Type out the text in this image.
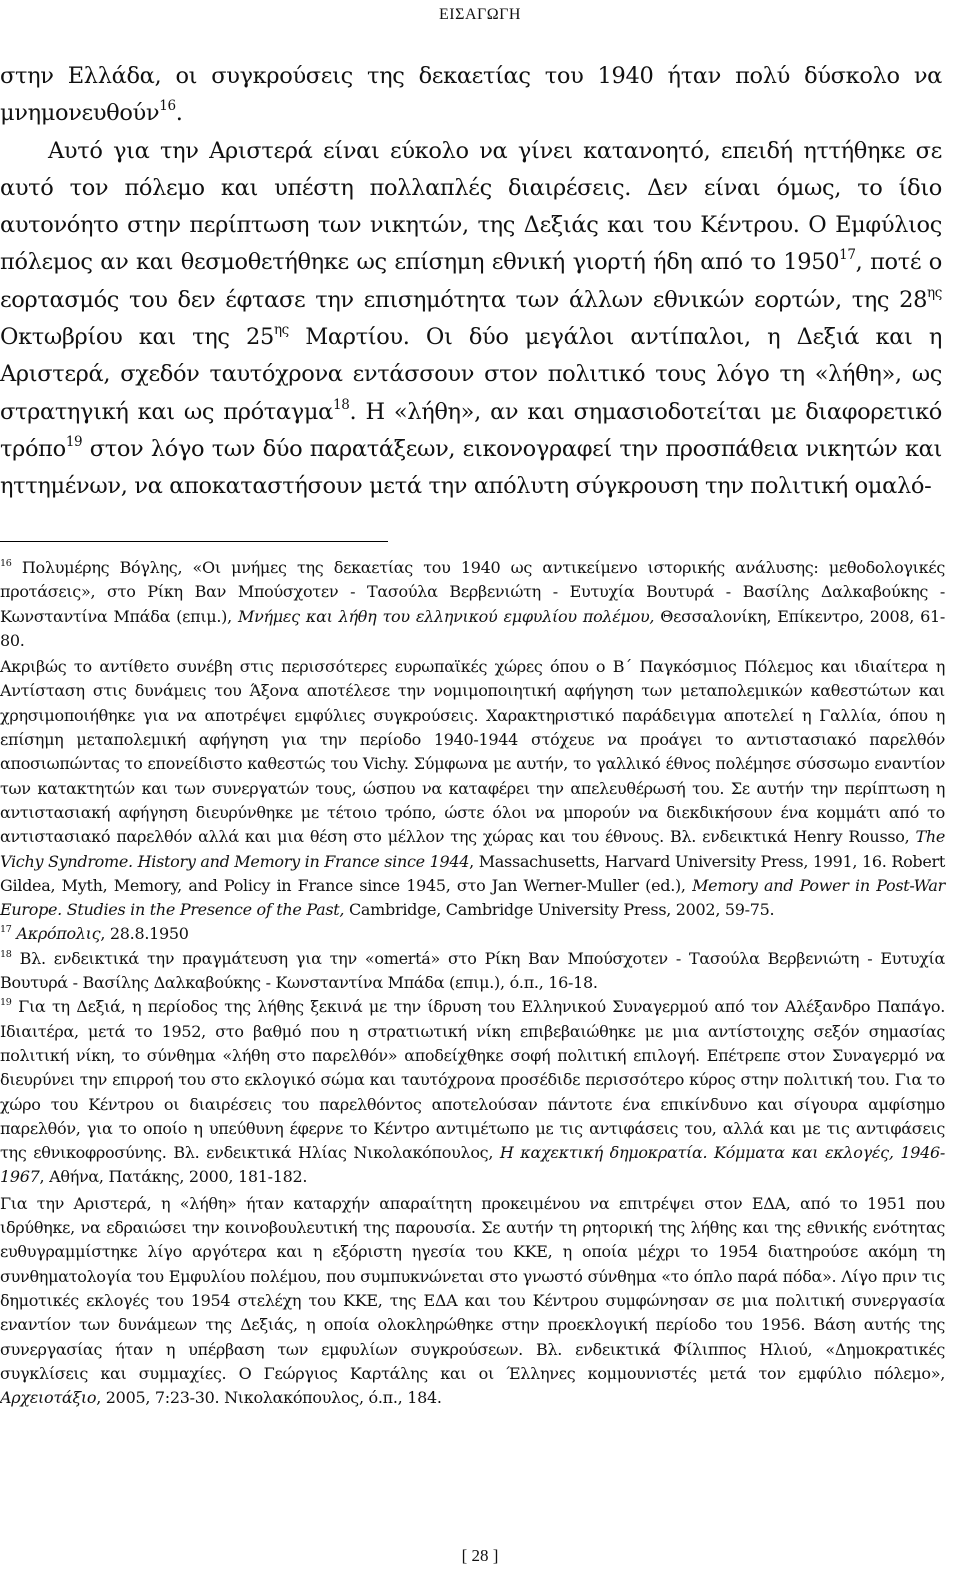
ΕΙΣΑΓΩΓΗ

στην Ελλάδα, οι συγκρούσεις της δεκαετίας του 1940 ήταν πολύ δύσκολο να μνημονευθούν$^{16}$.

Αυτό για την Αριστερά είναι εύκολο να γίνει κατανοητό, επειδή ηττήθηκε σε αυτό τον πόλεμο και υπέστη πολλαπλές διαιρέσεις. Δεν είναι όμως, το ίδιο αυτονόητο στην περίπτωση των νικητών, της Δεξιάς και του Κέντρου. Ο Εμφύλιος πόλεμος αν και θεσμοθετήθηκε ως επίσημη εθνική γιορτή ήδη από το 1950$^{17}$, ποτέ ο εορτασμός του δεν έφτασε την επισημότητα των άλλων εθνικών εορτών, της $28^{\eta\varsigma}$ Οκτωβρίου και της $25^{\eta\varsigma}$ Μαρτίου. Οι δύο μεγάλοι αντίπαλοι, η Δεξιά και η Αριστερά, σχεδόν ταυτόχρονα εντάσσουν στον πολιτικό τους λόγο τη «λήθη», ως στρατηγική και ως πρόταγμα$^{18}$. Η «λήθη», αν και σημασιοδοτείται με διαφορετικό τρόπο$^{19}$ στον λόγο των δύο παρατάξεων, εικονογραφεί την προσπάθεια νικητών και ηττημένων, να αποκαταστήσουν μετά την απόλυτη σύγκρουση την πολιτική ομαλό-

$^{16}$ Πολυμέρης Βόγλης, «Οι μνήμες της δεκαετίας του 1940 ως αντικείμενο ιστορικής ανάλυσης: μεθοδολογικές προτάσεις», στο Ρίκη Βαν Μπούσχοτεν - Τασούλα Βερβενιώτη - Ευτυχία Βουτυρά - Βασίλης Δαλκαβούκης - Κωνσταντίνα Μπάδα (επιμ.), Μνήμες και λήθη του ελληνικού εμφυλίου πολέμου, Θεσσαλονίκη, Επίκεντρο, 2008, 61-80.

Ακριβώς το αντίθετο συνέβη στις περισσότερες ευρωπαϊκές χώρες όπου ο Β΄ Παγκόσμιος Πόλεμος και ιδιαίτερα η Αντίσταση στις δυνάμεις του Άξονα αποτέλεσε την νομιμοποιητική αφήγηση των μεταπολεμικών καθεστώτων και χρησιμοποιήθηκε για να αποτρέψει εμφύλιες συγκρούσεις. Χαρακτηριστικό παράδειγμα αποτελεί η Γαλλία, όπου η επίσημη μεταπολεμική αφήγηση για την περίοδο 1940-1944 στόχευε να προάγει το αντιστασιακό παρελθόν αποσιωπώντας το επονείδιστο καθεστώς του Vichy. Σύμφωνα με αυτήν, το γαλλικό έθνος πολέμησε σύσσωμο εναντίον των κατακτητών και των συνεργατών τους, ώσπου να καταφέρει την απελευθέρωσή του. Σε αυτήν την περίπτωση η αντιστασιακή αφήγηση διευρύνθηκε με τέτοιο τρόπο, ώστε όλοι να μπορούν να διεκδικήσουν ένα κομμάτι από το αντιστασιακό παρελθόν αλλά και μια θέση στο μέλλον της χώρας και του έθνους. Βλ. ενδεικτικά Henry Rousso, The Vichy Syndrome. History and Memory in France since 1944, Massachusetts, Harvard University Press, 1991, 16. Robert Gildea, Myth, Memory, and Policy in France since 1945, στο Jan Werner-Muller (ed.), Memory and Power in Post-War Europe. Studies in the Presence of the Past, Cambridge, Cambridge University Press, 2002, 59-75.

$^{17}$ Ακρόπολις, 28.8.1950

$^{18}$ Βλ. ενδεικτικά την πραγμάτευση για την «omertá» στο Ρίκη Βαν Μπούσχοτεν - Τασούλα Βερβενιώτη - Ευτυχία Βουτυρά - Βασίλης Δαλκαβούκης - Κωνσταντίνα Μπάδα (επιμ.), ό.π., 16-18.

$^{19}$ Για τη Δεξιά, η περίοδος της λήθης ξεκινά με την ίδρυση του Ελληνικού Συναγερμού από τον Αλέξανδρο Παπάγο. Ιδιαιτέρα, μετά το 1952, στο βαθμό που η στρατιωτική νίκη επιβεβαιώθηκε με μια αντίστοιχης σεξόν σημασίας πολιτική νίκη, το σύνθημα «λήθη στο παρελθόν» αποδείχθηκε σοφή πολιτική επιλογή. Επέτρεπε στον Συναγερμό να διευρύνει την επιρροή του στο εκλογικό σώμα και ταυτόχρονα προσέδιδε περισσότερο κύρος στην πολιτική του. Για το χώρο του Κέντρου οι διαιρέσεις του παρελθόντος αποτελούσαν πάντοτε ένα επικίνδυνο και σίγουρα αμφίσημο παρελθόν, για το οποίο η υπεύθυνη έφερνε το Κέντρο αντιμέτωπο με τις αντιφάσεις του, αλλά και με τις αντιφάσεις της εθνικοφροσύνης. Βλ. ενδεικτικά Ηλίας Νικολακόπουλος, Η καχεκτική δημοκρατία. Κόμματα και εκλογές, 1946-1967, Αθήνα, Πατάκης, 2000, 181-182.

Για την Αριστερά, η «λήθη» ήταν καταρχήν απαραίτητη προκειμένου να επιτρέψει στον ΕΔΑ, από το 1951 που ιδρύθηκε, να εδραιώσει την κοινοβουλευτική της παρουσία. Σε αυτήν τη ρητορική της λήθης και της εθνικής ενότητας ευθυγραμμίστηκε λίγο αργότερα και η εξόριστη ηγεσία του ΚΚΕ, η οποία μέχρι το 1954 διατηρούσε ακόμη τη συνθηματολογία του Εμφυλίου πολέμου, που συμπυκνώνεται στο γνωστό σύνθημα «το όπλο παρά πόδα». Λίγο πριν τις δημοτικές εκλογές του 1954 στελέχη του ΚΚΕ, της ΕΔΑ και του Κέντρου συμφώνησαν σε μια πολιτική συνεργασία εναντίον των δυνάμεων της Δεξιάς, η οποία ολοκληρώθηκε στην προεκλογική περίοδο του 1956. Βάση αυτής της συνεργασίας ήταν η υπέρβαση των εμφυλίων συγκρούσεων. Βλ. ενδεικτικά Φίλιππος Ηλιού, «Δημοκρατικές συγκλίσεις και συμμαχίες. Ο Γεώργιος Καρτάλης και οι Έλληνες κομμουνιστές μετά τον εμφύλιο πόλεμο», Αρχειοτάξιο, 2005, 7:23-30. Νικολακόπουλος, ό.π., 184.

[ 28 ]
